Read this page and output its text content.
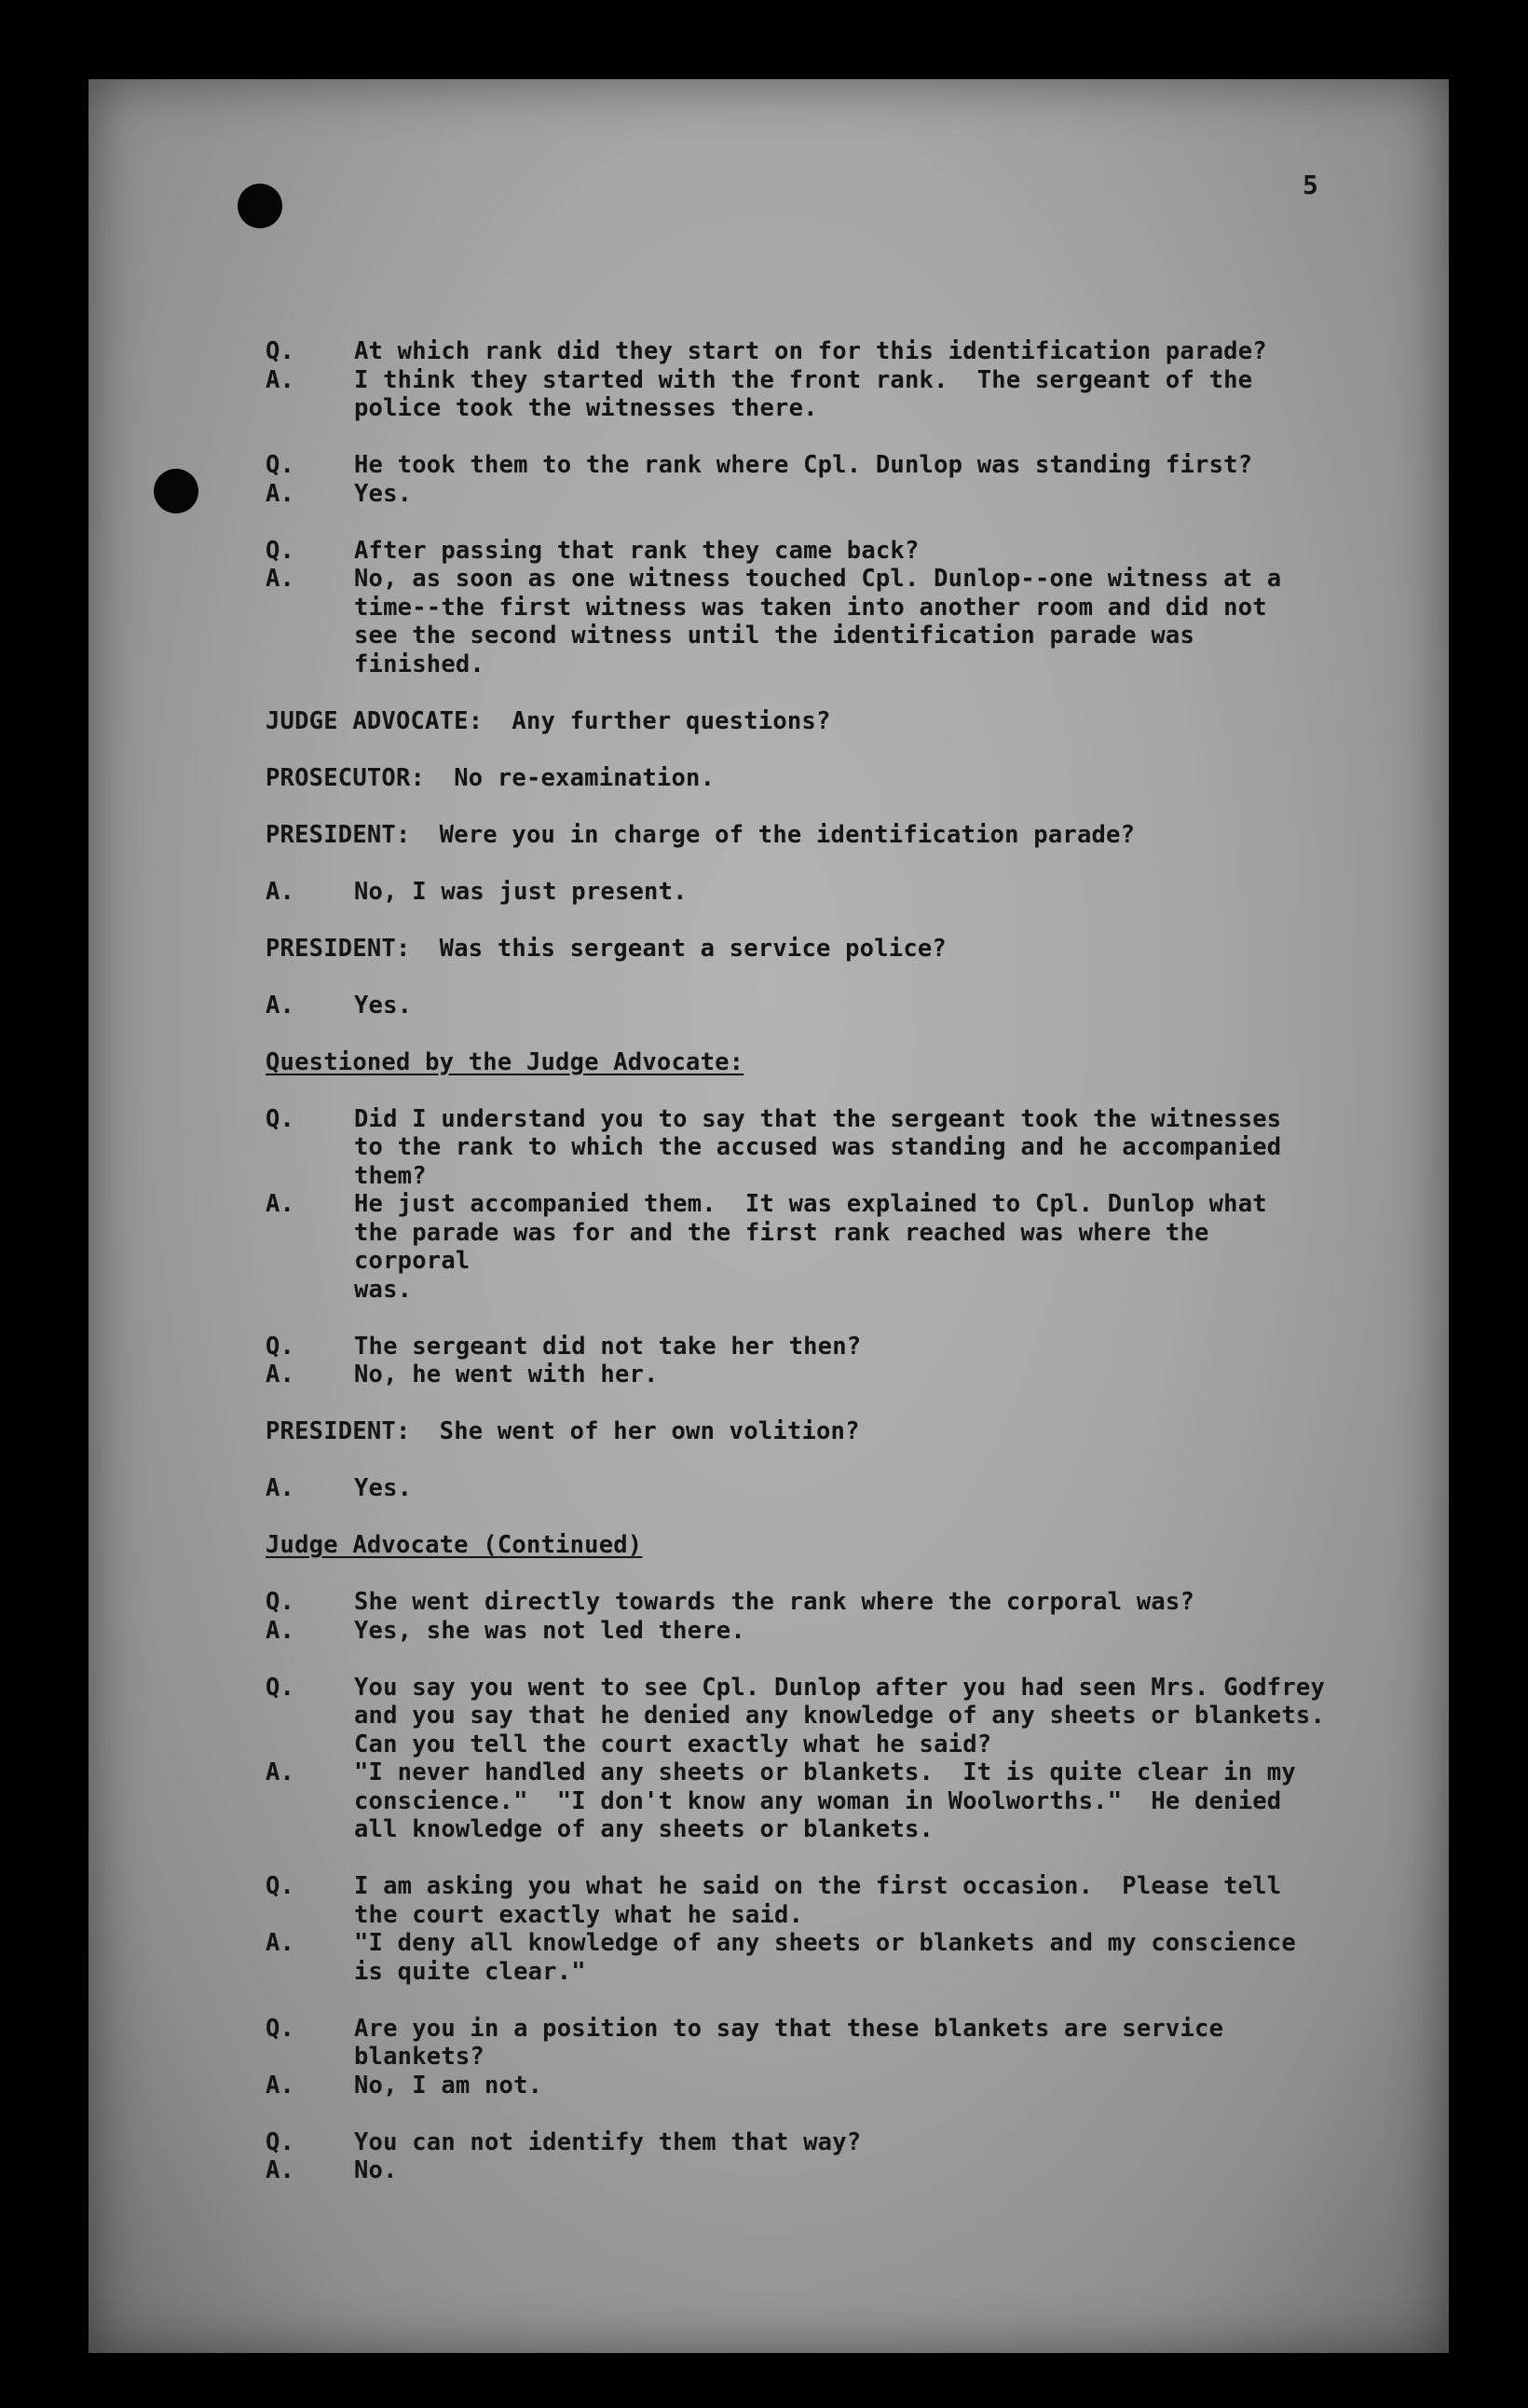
5
Q.	At which rank did they start on for this identification parade?
A.	I think they started with the front rank.  The sergeant of the
police took the witnesses there.
Q.	He took them to the rank where Cpl. Dunlop was standing first?
A.	Yes.
Q.	After passing that rank they came back?
A.	No, as soon as one witness touched Cpl. Dunlop--one witness at a
time--the first witness was taken into another room and did not
see the second witness until the identification parade was
finished.
JUDGE ADVOCATE:  Any further questions?
PROSECUTOR:  No re-examination.
PRESIDENT:  Were you in charge of the identification parade?
A.	No, I was just present.
PRESIDENT:  Was this sergeant a service police?
A.	Yes.
Questioned by the Judge Advocate:
Q.	Did I understand you to say that the sergeant took the witnesses
to the rank to which the accused was standing and he accompanied
them?
A.	He just accompanied them.  It was explained to Cpl. Dunlop what
the parade was for and the first rank reached was where the corporal
was.
Q.	The sergeant did not take her then?
A.	No, he went with her.
PRESIDENT:  She went of her own volition?
A.	Yes.
Judge Advocate (Continued)
Q.	She went directly towards the rank where the corporal was?
A.	Yes, she was not led there.
Q.	You say you went to see Cpl. Dunlop after you had seen Mrs. Godfrey
and you say that he denied any knowledge of any sheets or blankets.
Can you tell the court exactly what he said?
A.	"I never handled any sheets or blankets.  It is quite clear in my
conscience."  "I don't know any woman in Woolworths."  He denied
all knowledge of any sheets or blankets.
Q.	I am asking you what he said on the first occasion.  Please tell
the court exactly what he said.
A.	"I deny all knowledge of any sheets or blankets and my conscience
is quite clear."
Q.	Are you in a position to say that these blankets are service
blankets?
A.	No, I am not.
Q.	You can not identify them that way?
A.	No.
